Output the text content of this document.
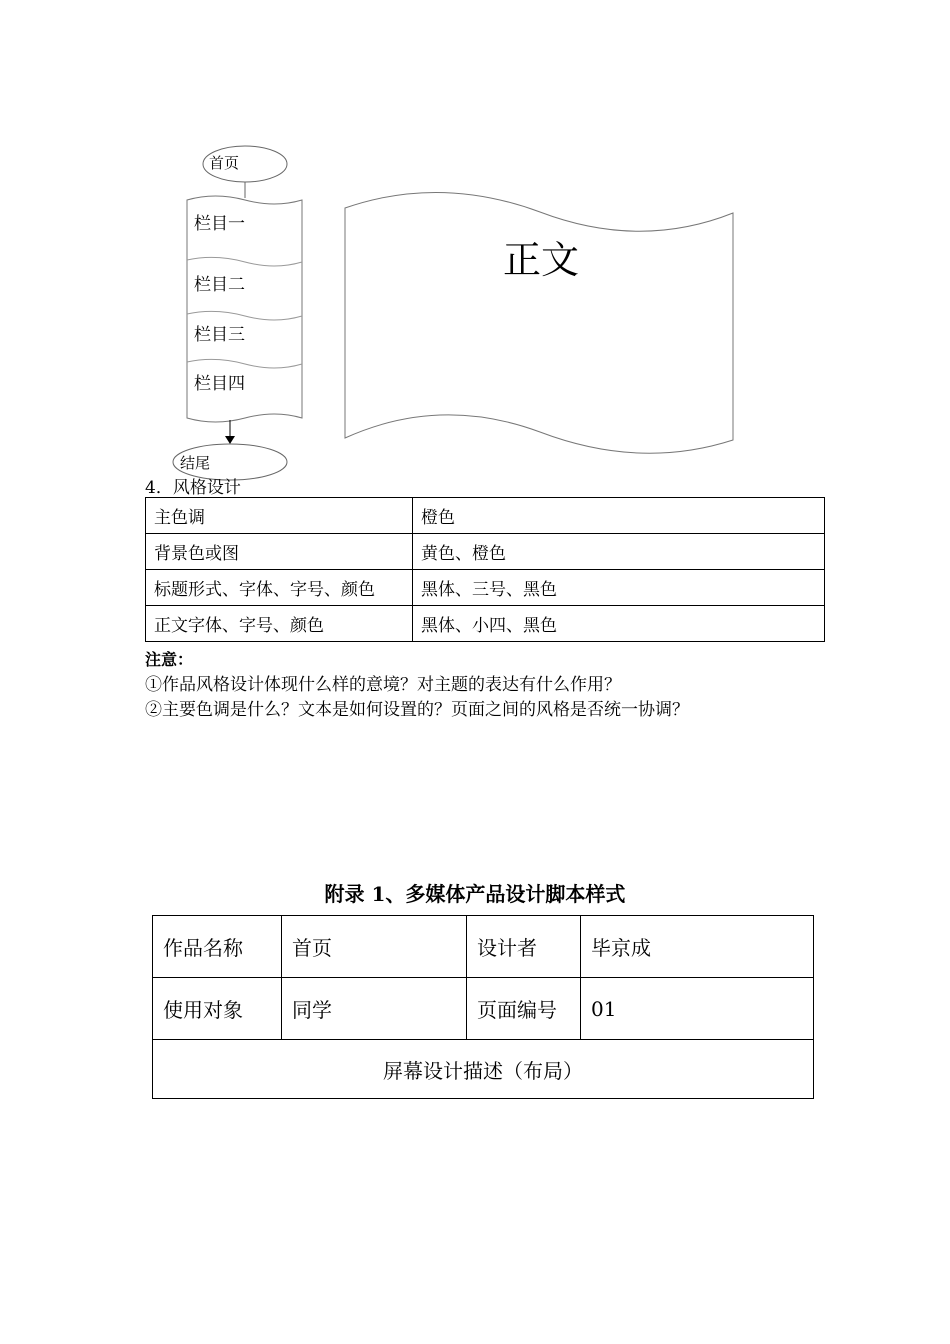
首页
栏目一
栏目二
栏目三
栏目四
结尾
正文
4．风格设计
主色调	橙色
背景色或图	黄色、橙色
标题形式、字体、字号、颜色	黑体、三号、黑色
正文字体、字号、颜色	黑体、小四、黑色
注意：
①作品风格设计体现什么样的意境？对主题的表达有什么作用？
②主要色调是什么？文本是如何设置的？页面之间的风格是否统一协调？
附录 1、多媒体产品设计脚本样式
作品名称	首页	设计者	毕京成
使用对象	同学	页面编号	01
屏幕设计描述（布局）			
